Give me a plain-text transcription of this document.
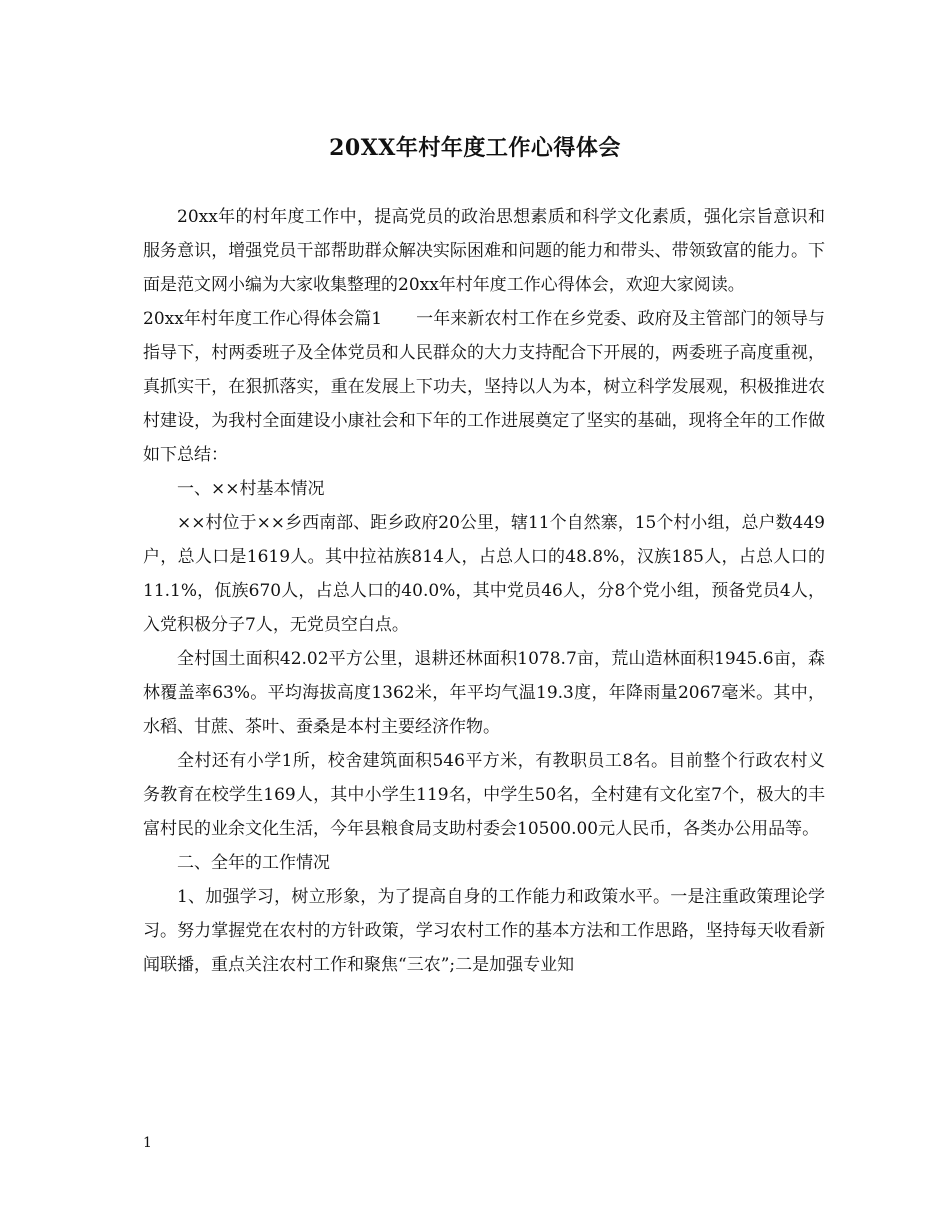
20XX年村年度工作心得体会

20xx年的村年度工作中，提高党员的政治思想素质和科学文化素质，强化宗旨意识和服务意识，增强党员干部帮助群众解决实际困难和问题的能力和带头、带领致富的能力。下面是范文网小编为大家收集整理的20xx年村年度工作心得体会，欢迎大家阅读。

20xx年村年度工作心得体会篇1　　一年来新农村工作在乡党委、政府及主管部门的领导与指导下，村两委班子及全体党员和人民群众的大力支持配合下开展的，两委班子高度重视，真抓实干，在狠抓落实，重在发展上下功夫，坚持以人为本，树立科学发展观，积极推进农村建设，为我村全面建设小康社会和下年的工作进展奠定了坚实的基础，现将全年的工作做如下总结：

一、××村基本情况

××村位于××乡西南部、距乡政府20公里，辖11个自然寨，15个村小组，总户数449户，总人口是1619人。其中拉祜族814人，占总人口的48.8%，汉族185人，占总人口的11.1%，佤族670人，占总人口的40.0%，其中党员46人，分8个党小组，预备党员4人，入党积极分子7人，无党员空白点。

全村国土面积42.02平方公里，退耕还林面积1078.7亩，荒山造林面积1945.6亩，森林覆盖率63%。平均海拔高度1362米，年平均气温19.3度，年降雨量2067毫米。其中，水稻、甘蔗、茶叶、蚕桑是本村主要经济作物。

全村还有小学1所，校舍建筑面积546平方米，有教职员工8名。目前整个行政农村义务教育在校学生169人，其中小学生119名，中学生50名，全村建有文化室7个，极大的丰富村民的业余文化生活，今年县粮食局支助村委会10500.00元人民币，各类办公用品等。

二、全年的工作情况

1、加强学习，树立形象，为了提高自身的工作能力和政策水平。一是注重政策理论学习。努力掌握党在农村的方针政策，学习农村工作的基本方法和工作思路，坚持每天收看新闻联播，重点关注农村工作和聚焦“三农”;二是加强专业知

1
